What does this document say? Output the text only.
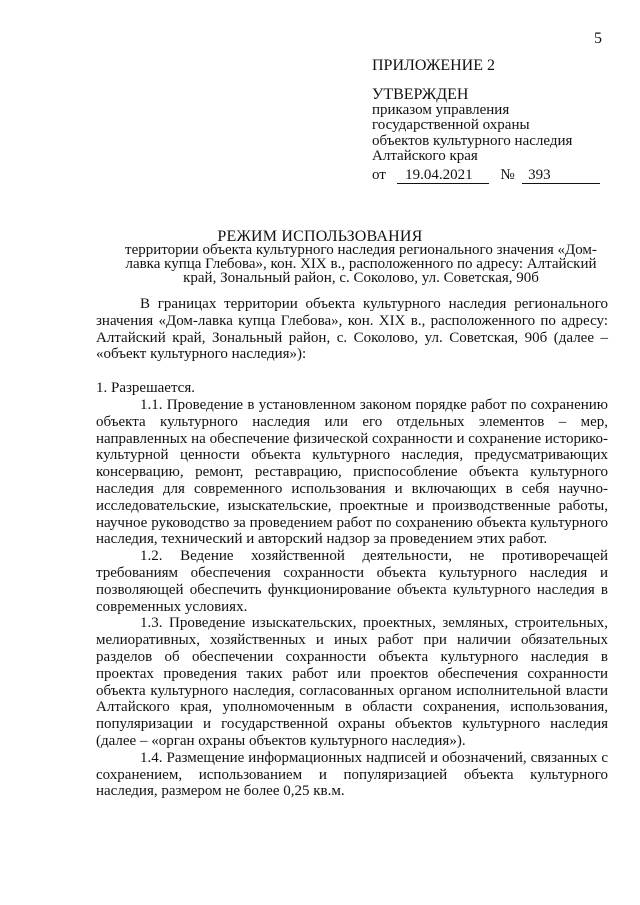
5
ПРИЛОЖЕНИЕ 2
УТВЕРЖДЕН
приказом управления
государственной охраны
объектов культурного наследия
Алтайского края
от 19.04.2021 № 393
РЕЖИМ ИСПОЛЬЗОВАНИЯ
территории объекта культурного наследия регионального значения «Дом-лавка купца Глебова», кон. XIX в., расположенного по адресу: Алтайский край, Зональный район, с. Соколово, ул. Советская, 90б

В границах территории объекта культурного наследия регионального значения «Дом-лавка купца Глебова», кон. XIX в., расположенного по адресу: Алтайский край, Зональный район, с. Соколово, ул. Советская, 90б (далее – «объект культурного наследия»):

1. Разрешается.

1.1. Проведение в установленном законом порядке работ по сохранению объекта культурного наследия или его отдельных элементов – мер, направленных на обеспечение физической сохранности и сохранение историко-культурной ценности объекта культурного наследия, предусматривающих консервацию, ремонт, реставрацию, приспособление объекта культурного наследия для современного использования и включающих в себя научно-исследовательские, изыскательские, проектные и производственные работы, научное руководство за проведением работ по сохранению объекта культурного наследия, технический и авторский надзор за проведением этих работ.

1.2. Ведение хозяйственной деятельности, не противоречащей требованиям обеспечения сохранности объекта культурного наследия и позволяющей обеспечить функционирование объекта культурного наследия в современных условиях.

1.3. Проведение изыскательских, проектных, земляных, строительных, мелиоративных, хозяйственных и иных работ при наличии обязательных разделов об обеспечении сохранности объекта культурного наследия в проектах проведения таких работ или проектов обеспечения сохранности объекта культурного наследия, согласованных органом исполнительной власти Алтайского края, уполномоченным в области сохранения, использования, популяризации и государственной охраны объектов культурного наследия (далее – «орган охраны объектов культурного наследия»).

1.4. Размещение информационных надписей и обозначений, связанных с сохранением, использованием и популяризацией объекта культурного наследия, размером не более 0,25 кв.м.
